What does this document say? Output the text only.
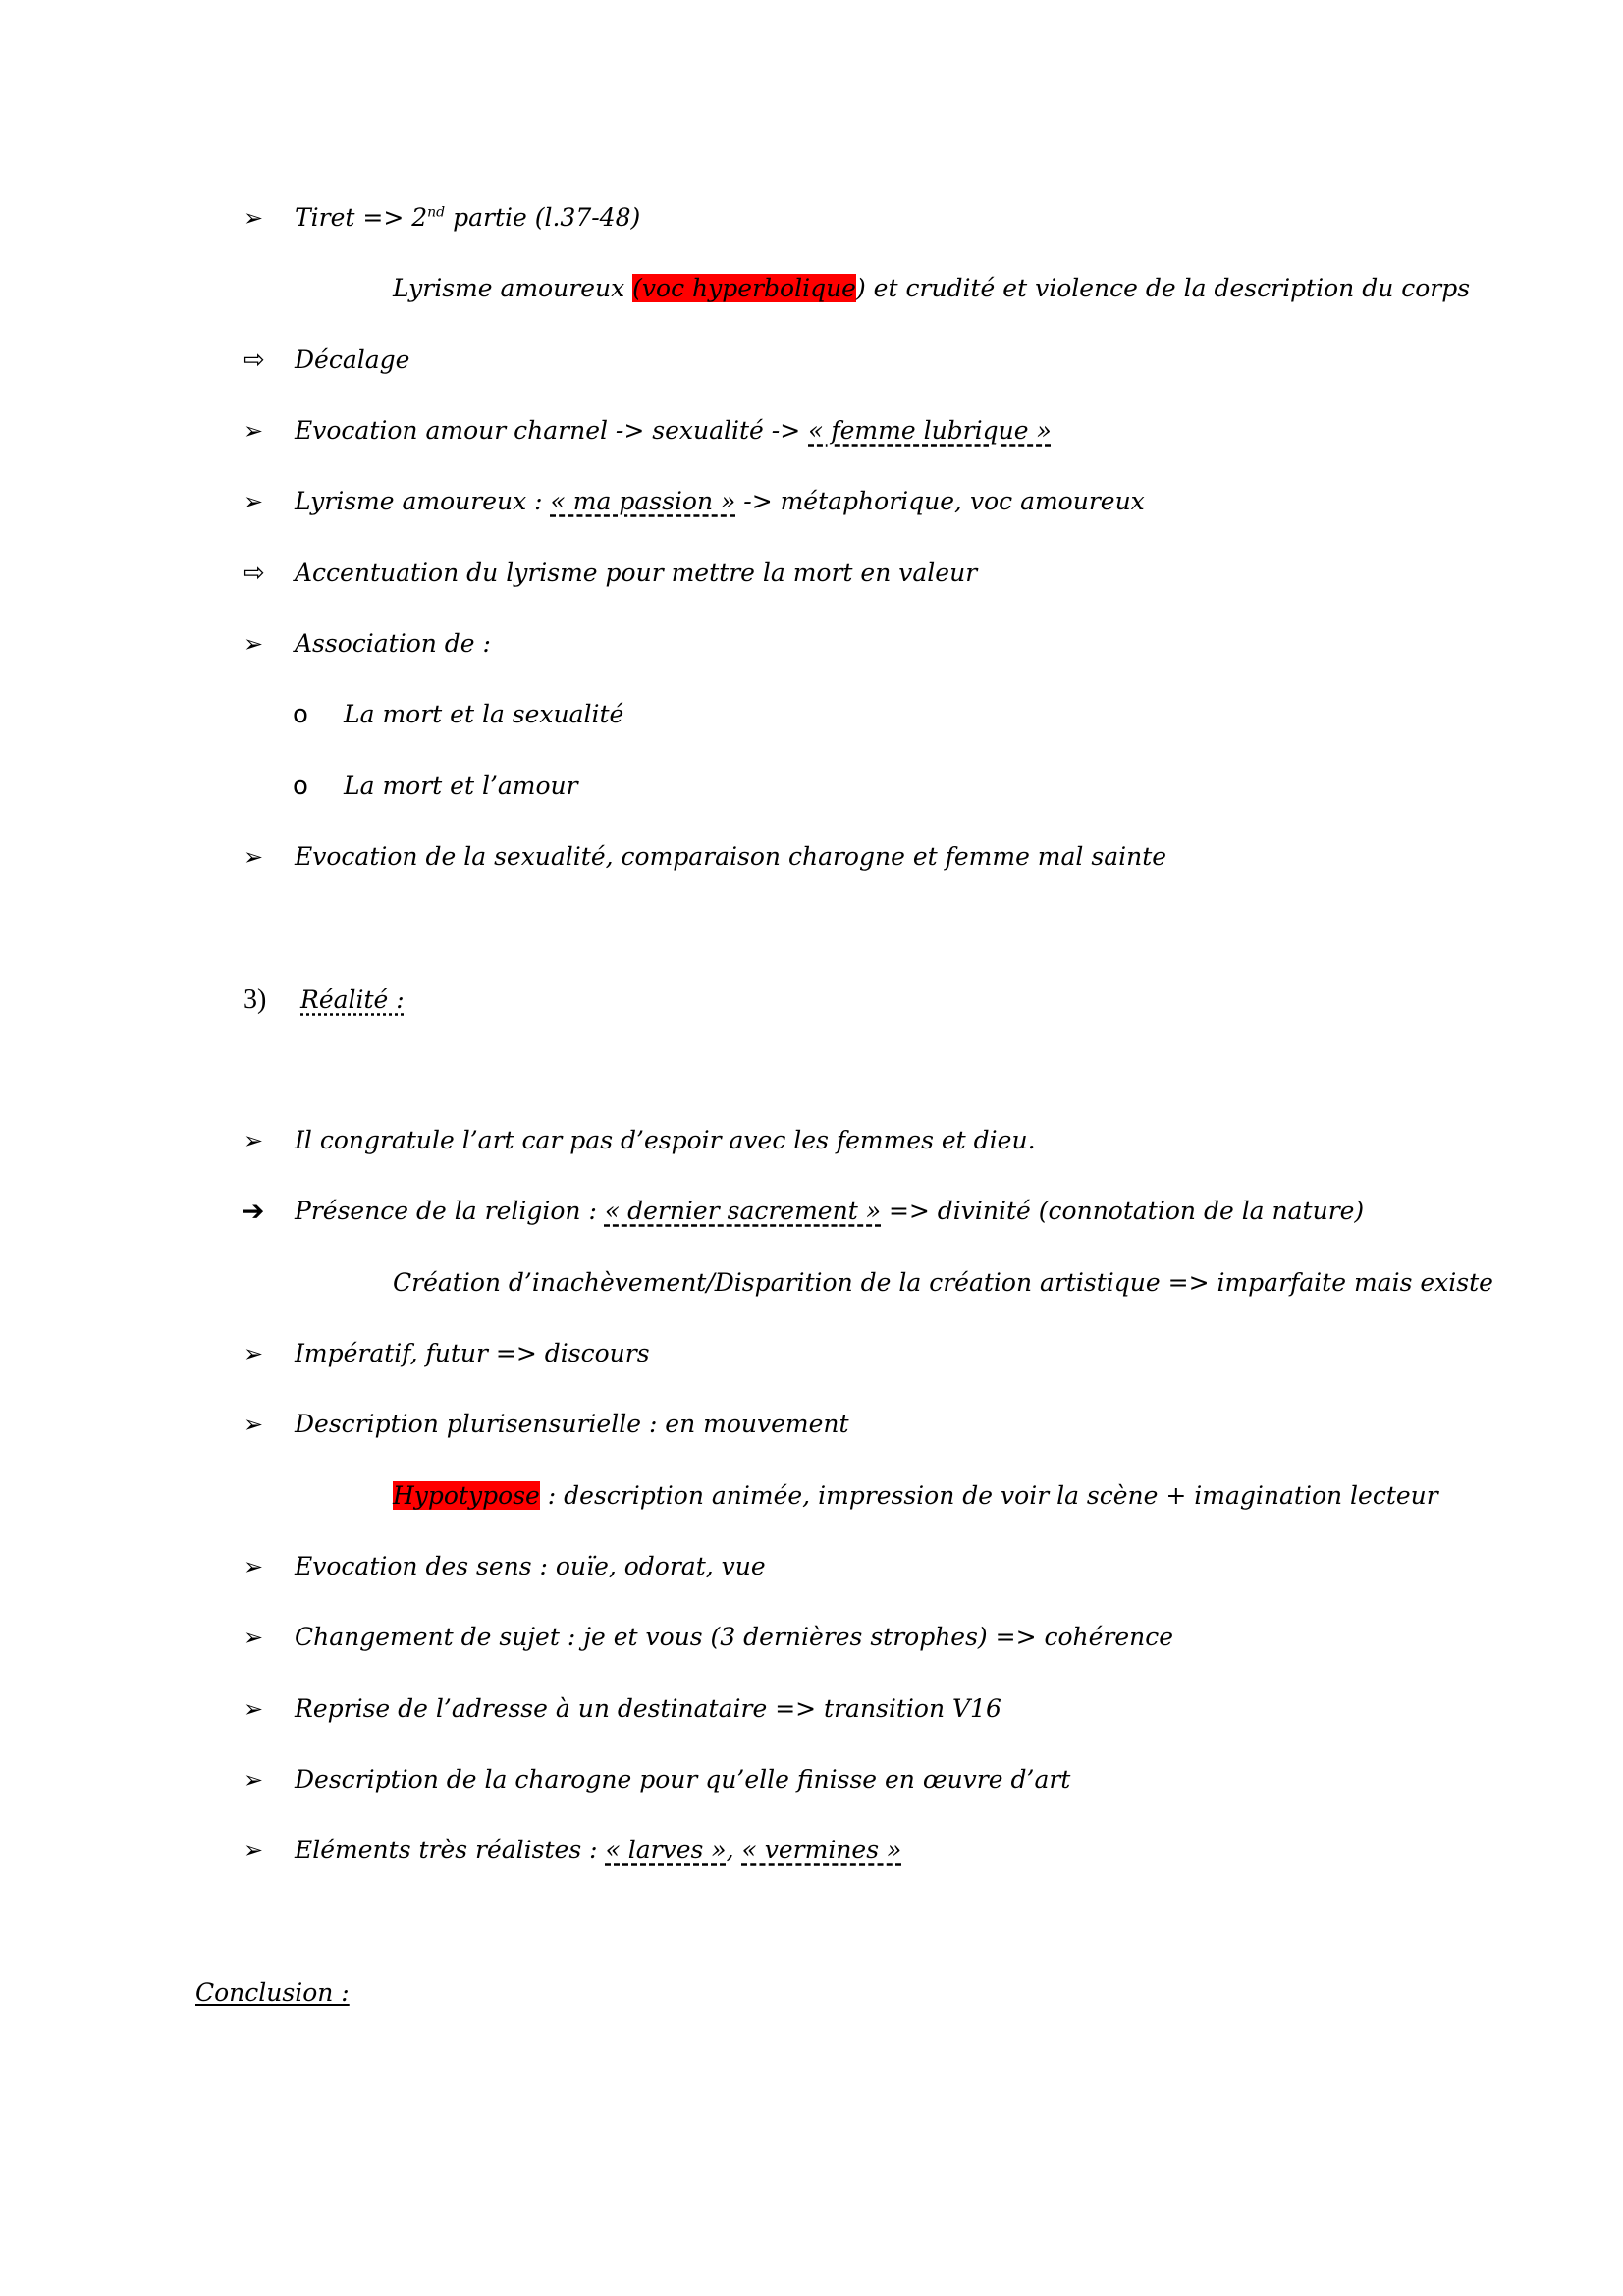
➢ Tiret => 2nd partie (l.37-48)
Lyrisme amoureux (voc hyperbolique) et crudité et violence de la description du corps
⇨ Décalage
➢ Evocation amour charnel -> sexualité -> « femme lubrique »
➢ Lyrisme amoureux : « ma passion » -> métaphorique, voc amoureux
⇨ Accentuation du lyrisme pour mettre la mort en valeur
➢ Association de :
o La mort et la sexualité
o La mort et l’amour
➢ Evocation de la sexualité, comparaison charogne et femme mal sainte
3) Réalité :
➢ Il congratule l’art car pas d’espoir avec les femmes et dieu.
➔ Présence de la religion : « dernier sacrement » => divinité (connotation de la nature)
Création d’inachèvement/Disparition de la création artistique => imparfaite mais existe
➢ Impératif, futur => discours
➢ Description plurisensurielle : en mouvement
Hypotypose : description animée, impression de voir la scène + imagination lecteur
➢ Evocation des sens : ouïe, odorat, vue
➢ Changement de sujet : je et vous (3 dernières strophes) => cohérence
➢ Reprise de l’adresse à un destinataire => transition V16
➢ Description de la charogne pour qu’elle finisse en œuvre d’art
➢ Eléments très réalistes : « larves », « vermines »
Conclusion :
